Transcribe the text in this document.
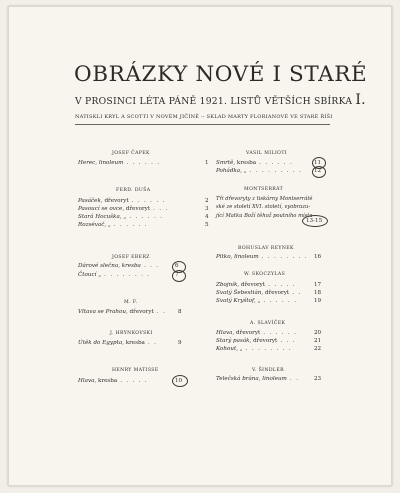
OBRÁZKY NOVÉ I STARÉ
V PROSINCI LÉTA PÁNĚ 1921. LISTŮ VĚTŠÍCH SBÍRKA I.
NATISKLI KRYL A SCOTTI V NOVÉM JIČÍNĚ -- SKLAD MARTY FLORIANOVÉ VE STARÉ ŘÍŠI
JOSEF ČAPEK
Herec, linoleum . . . . . .	1
FERD. DUŠA
Pasáček, dřevoryt . . . . . .	2
Pasoucí se ovce, dřevoryt . . .	3
Stará Hocuška, „ . . . . . .	4
Rozsévač, „ . . . . . .	5
JOSEF EBERZ
Dárové slečna, kresba . . .	6
Čtoucí „ . . . . . . . .	7
M. F.
Vltava se Prahou, dřevoryt . . 8
J. HRYNKOVSKI
Útěk do Egypta, kresba . .	9
HENRY MATISSE
Hlava, kresba . . . . .	10
VASIL MILIOTI
Smrtě, kresba . . . . . .	11
Pohádka, „ . . . . . . . . . 12
MONTSERRÁT
Tři dřevoryty z tiskárny Montserráté
ské ze století XVI. století, vyobrazu-
jící Matku Boží těhož poutního místa
13-15
BOHUSLAV REYNEK
Pitko, linoleum . . . . . . . . 16
W. SKOCZYLAS
Zbojník, dřevoryt . . . . .	17
Svatý Šebestián, dřevoryt . . 18
Svatý Kryštof, „ . . . . . .	19
A. SLAVÍČEK
Hlava, dřevoryt . . . . . .	20
Starý pasák, dřevoryt . . .	21
Kohout, „ . . . . . . . .	22
V. ŠINDLER
Telečská brána, linoleum . .	23
